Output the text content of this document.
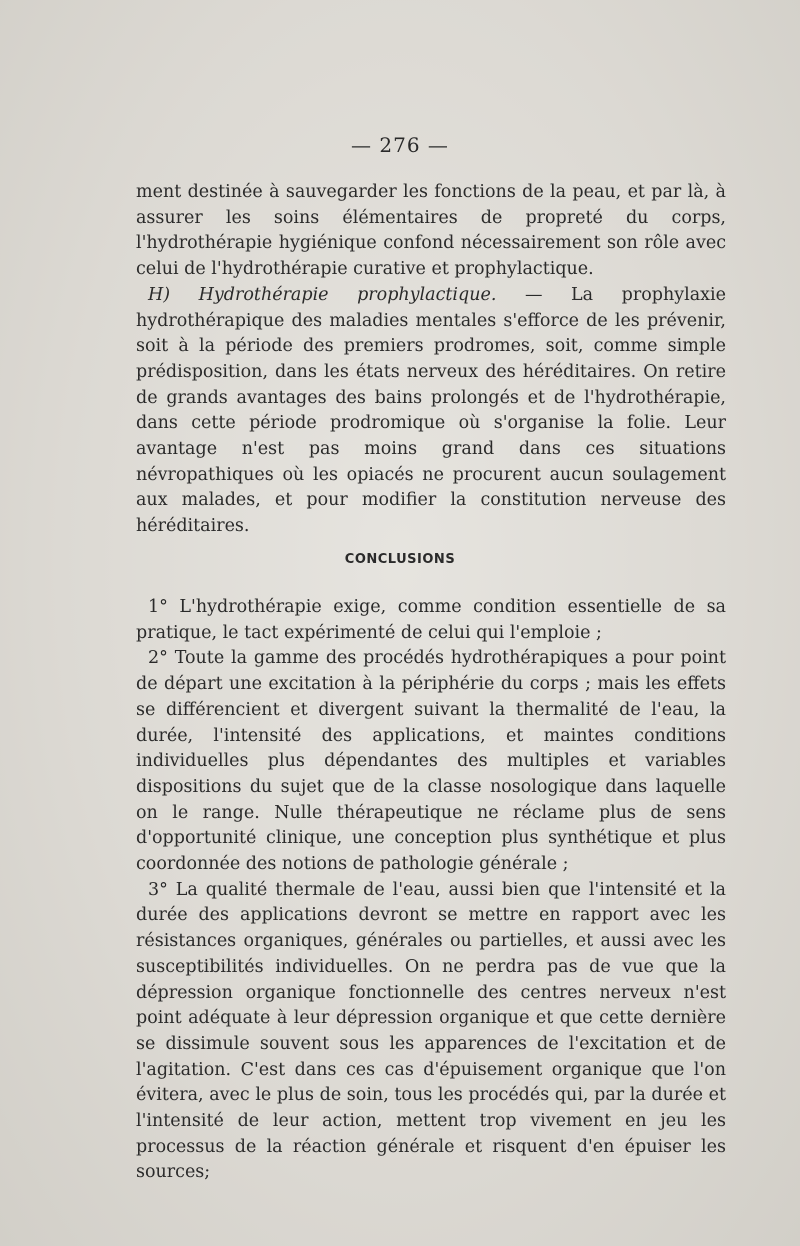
— 276 —

ment destinée à sauvegarder les fonctions de la peau, et par là, à assurer les soins élémentaires de propreté du corps, l'hydrothérapie hygiénique confond nécessairement son rôle avec celui de l'hydrothérapie curative et prophylactique.

H) Hydrothérapie prophylactique. — La prophylaxie hydrothérapique des maladies mentales s'efforce de les prévenir, soit à la période des premiers prodromes, soit, comme simple prédisposition, dans les états nerveux des héréditaires. On retire de grands avantages des bains prolongés et de l'hydrothérapie, dans cette période prodromique où s'organise la folie. Leur avantage n'est pas moins grand dans ces situations névropathiques où les opiacés ne procurent aucun soulagement aux malades, et pour modifier la constitution nerveuse des héréditaires.

CONCLUSIONS

1° L'hydrothérapie exige, comme condition essentielle de sa pratique, le tact expérimenté de celui qui l'emploie ;

2° Toute la gamme des procédés hydrothérapiques a pour point de départ une excitation à la périphérie du corps ; mais les effets se différencient et divergent suivant la thermalité de l'eau, la durée, l'intensité des applications, et maintes conditions individuelles plus dépendantes des multiples et variables dispositions du sujet que de la classe nosologique dans laquelle on le range. Nulle thérapeutique ne réclame plus de sens d'opportunité clinique, une conception plus synthétique et plus coordonnée des notions de pathologie générale ;

3° La qualité thermale de l'eau, aussi bien que l'intensité et la durée des applications devront se mettre en rapport avec les résistances organiques, générales ou partielles, et aussi avec les susceptibilités individuelles. On ne perdra pas de vue que la dépression organique fonctionnelle des centres nerveux n'est point adéquate à leur dépression organique et que cette dernière se dissimule souvent sous les apparences de l'excitation et de l'agitation. C'est dans ces cas d'épuisement organique que l'on évitera, avec le plus de soin, tous les procédés qui, par la durée et l'intensité de leur action, mettent trop vivement en jeu les processus de la réaction générale et risquent d'en épuiser les sources;
